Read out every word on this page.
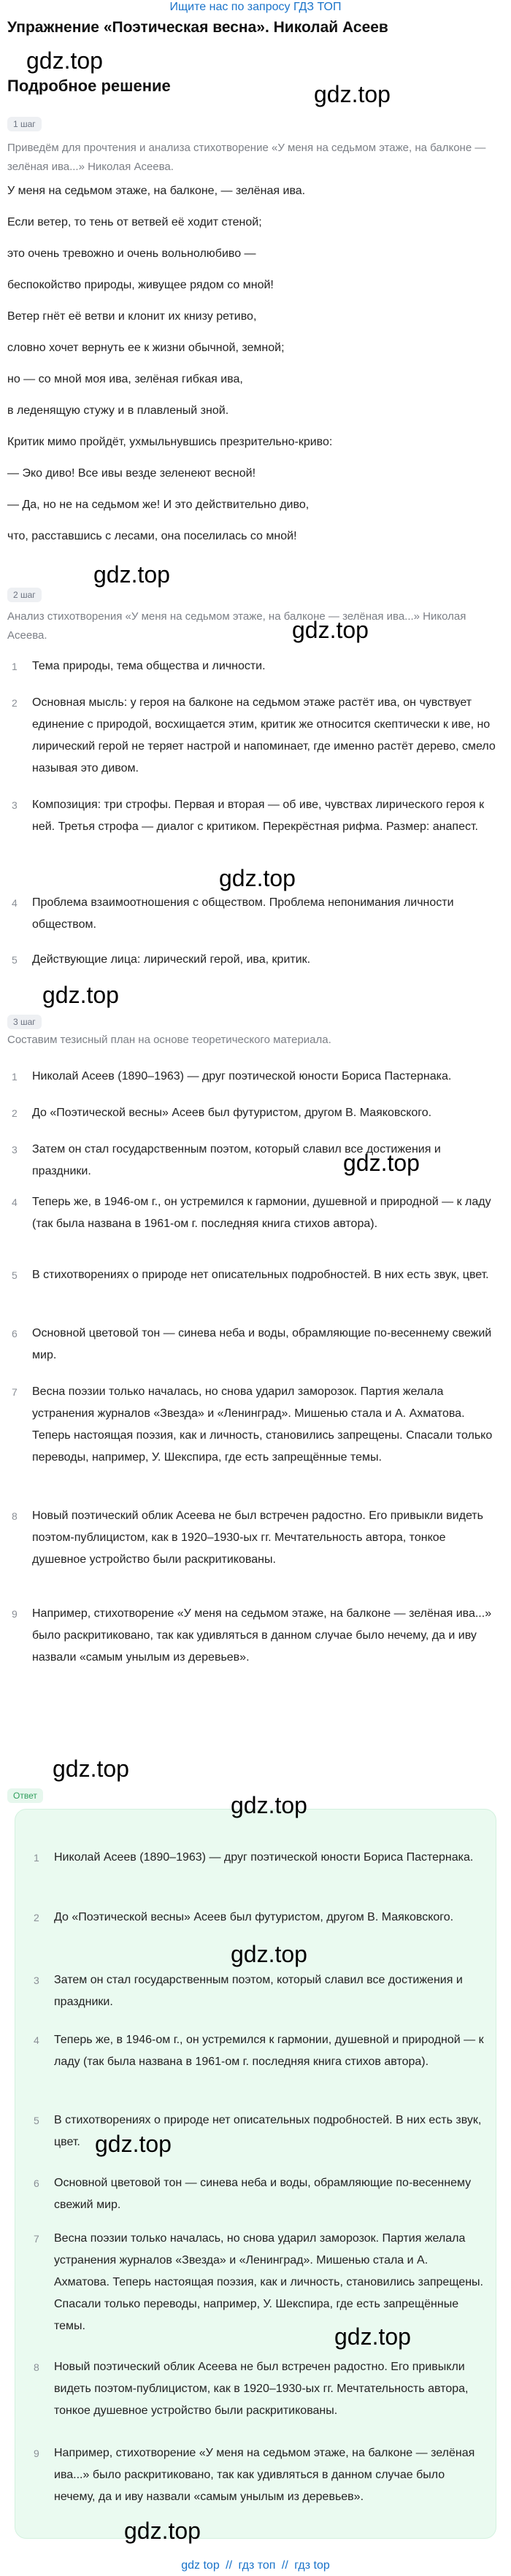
Ищите нас по запросу ГДЗ ТОП
Упражнение «Поэтическая весна». Николай Асеев
gdz.top
gdz.top
Подробное решение
1 шаг

Приведём для прочтения и анализа стихотворение «У меня на седьмом этаже, на балконе — зелёная ива...» Николая Асеева.

У меня на седьмом этаже, на балконе, — зелёная ива.

Если ветер, то тень от ветвей её ходит стеной;

это очень тревожно и очень вольнолюбиво —

беспокойство природы, живущее рядом со мной!

Ветер гнёт её ветви и клонит их книзу ретиво,

словно хочет вернуть ее к жизни обычной, земной;

но — со мной моя ива, зелёная гибкая ива,

в леденящую стужу и в плавленый зной.

Критик мимо пройдёт, ухмыльнувшись презрительно-криво:

— Эко диво! Все ивы везде зеленеют весной!

— Да, но не на седьмом же! И это действительно диво,

что, расставшись с лесами, она поселилась со мной!

gdz.top
gdz.top
2 шаг

Анализ стихотворения «У меня на седьмом этаже, на балконе — зелёная ива...» Николая Асеева.

1	Тема природы, тема общества и личности.
2	Основная мысль: у героя на балконе на седьмом этаже растёт ива, он чувствует единение с природой, восхищается этим, критик же относится скептически к иве, но лирический герой не теряет настрой и напоминает, где именно растёт дерево, смело называя это дивом.
3	Композиция: три строфы. Первая и вторая — об иве, чувствах лирического героя к ней. Третья строфа — диалог с критиком. Перекрёстная рифма. Размер: анапест.
gdz.top
4	Проблема взаимоотношения с обществом. Проблема непонимания личности обществом.
5	Действующие лица: лирический герой, ива, критик.
gdz.top
3 шаг

Составим тезисный план на основе теоретического материала.

1	Николай Асеев (1890–1963) — друг поэтической юности Бориса Пастернака.
2	До «Поэтической весны» Асеев был футуристом, другом В. Маяковского.
3	Затем он стал государственным поэтом, который славил все достижения и праздники.	gdz.top
4	Теперь же, в 1946-ом г., он устремился к гармонии, душевной и природной — к ладу (так была названа в 1961-ом г. последняя книга стихов автора).
5	В стихотворениях о природе нет описательных подробностей. В них есть звук, цвет.
6	Основной цветовой тон — синева неба и воды, обрамляющие по-весеннему свежий мир.
7	Весна поэзии только началась, но снова ударил заморозок. Партия желала устранения журналов «Звезда» и «Ленинград». Мишенью стала и А. Ахматова. Теперь настоящая поэзия, как и личность, становились запрещены. Спасали только переводы, например, У. Шекспира, где есть запрещённые темы.
8	Новый поэтический облик Асеева не был встречен радостно. Его привыкли видеть поэтом-публицистом, как в 1920–1930-ых гг. Мечтательность автора, тонкое душевное устройство были раскритикованы.
9	Например, стихотворение «У меня на седьмом этаже, на балконе — зелёная ива...» было раскритиковано, так как удивляться в данном случае было нечему, да и иву назвали «самым унылым из деревьев».
gdz.top
Ответ	gdz.top
1	Николай Асеев (1890–1963) — друг поэтической юности Бориса Пастернака.
2	До «Поэтической весны» Асеев был футуристом, другом В. Маяковского.
gdz.top
3	Затем он стал государственным поэтом, который славил все достижения и праздники.
4	Теперь же, в 1946-ом г., он устремился к гармонии, душевной и природной — к ладу (так была названа в 1961-ом г. последняя книга стихов автора).
5	В стихотворениях о природе нет описательных подробностей. В них есть звук, цвет. gdz.top
6	Основной цветовой тон — синева неба и воды, обрамляющие по-весеннему свежий мир.
7	Весна поэзии только началась, но снова ударил заморозок. Партия желала устранения журналов «Звезда» и «Ленинград». Мишенью стала и А. Ахматова. Теперь настоящая поэзия, как и личность, становились запрещены. Спасали только переводы, например, У. Шекспира, где есть запрещённые темы.	gdz.top
8	Новый поэтический облик Асеева не был встречен радостно. Его привыкли видеть поэтом-публицистом, как в 1920–1930-ых гг. Мечтательность автора, тонкое душевное устройство были раскритикованы.
9	Например, стихотворение «У меня на седьмом этаже, на балконе — зелёная ива...» было раскритиковано, так как удивляться в данном случае было нечему, да и иву назвали «самым унылым из деревьев».
gdz.top
gdz top // гдз топ // гдз top
